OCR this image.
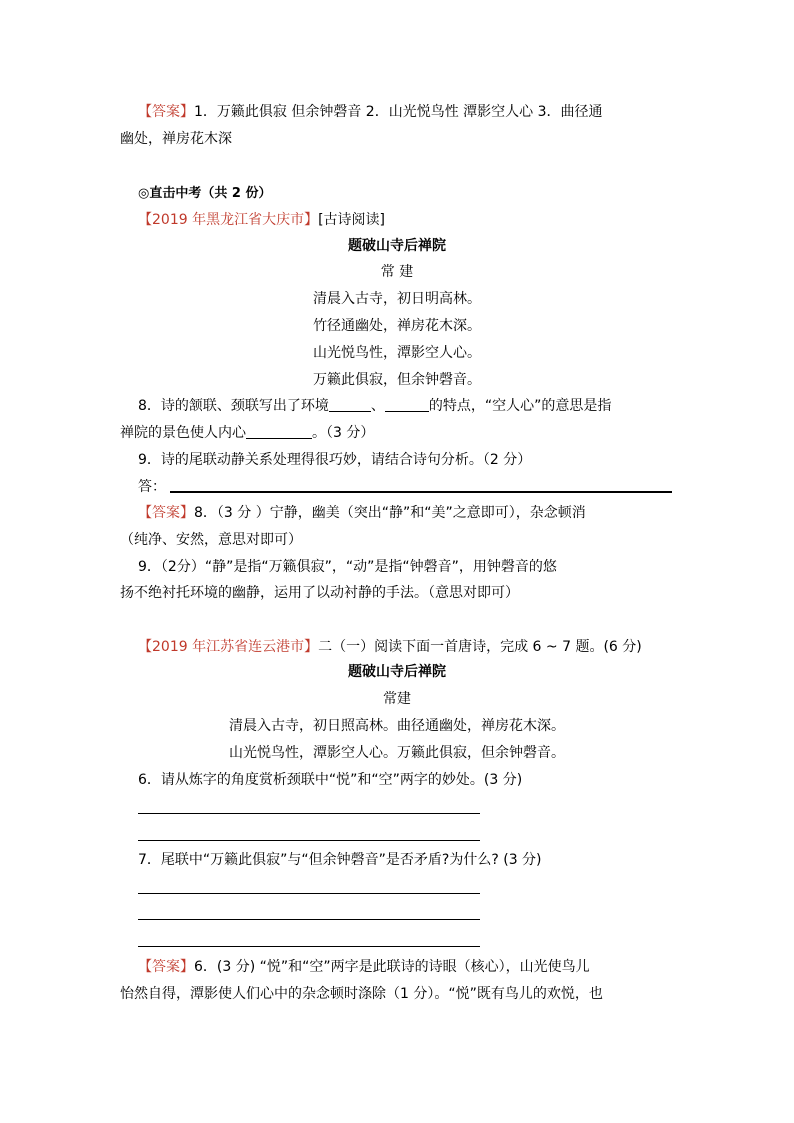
【答案】1．万籁此俱寂 但余钟磬音 2．山光悦鸟性 潭影空人心 3．曲径通
幽处，禅房花木深
◎直击中考（共 2 份）
【2019 年黑龙江省大庆市】[古诗阅读]
题破山寺后禅院
常 建
清晨入古寺，初日明高林。
竹径通幽处，禅房花木深。
山光悦鸟性，潭影空人心。
万籁此俱寂，但余钟磬音。
8．诗的颔联、颈联写出了环境	、	的特点，“空人心”的意思是指
禅院的景色使人内心	。（3 分）
9．诗的尾联动静关系处理得很巧妙，请结合诗句分析。（2 分）
答：
【答案】8．（3 分 ）宁静，幽美（突出“静”和“美”之意即可），杂念顿消
（纯净、安然，意思对即可）
9．（2分）“静”是指“万籁俱寂”，“动”是指“钟磬音”，用钟磬音的悠
扬不绝衬托环境的幽静，运用了以动衬静的手法。（意思对即可）
【2019 年江苏省连云港市】二（一）阅读下面一首唐诗，完成 6 ~ 7 题。(6 分)
题破山寺后禅院
常建
清晨入古寺，初日照高林。曲径通幽处，禅房花木深。
山光悦鸟性，潭影空人心。万籁此俱寂，但余钟磬音。
6．请从炼字的角度赏析颈联中“悦”和“空”两字的妙处。(3 分)
7．尾联中“万籁此俱寂”与“但余钟磬音”是否矛盾?为什么? (3 分)
【答案】6．(3 分) “悦”和“空”两字是此联诗的诗眼（核心），山光使鸟儿
怡然自得，潭影使人们心中的杂念顿时涤除（1 分）。“悦”既有鸟儿的欢悦，也
